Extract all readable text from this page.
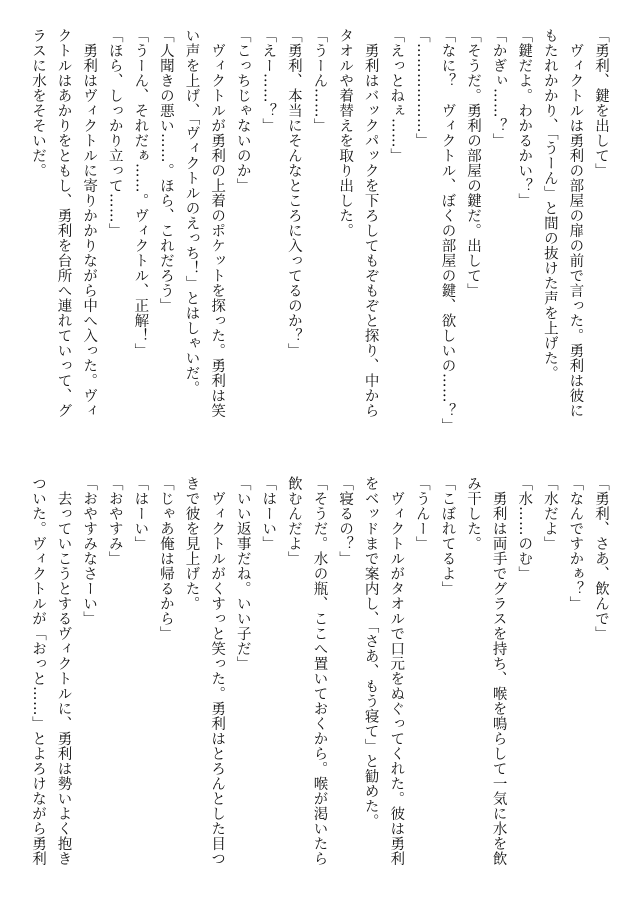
「勇利、鍵を出して」

　ヴィクトルは勇利の部屋の扉の前で言った。勇利は彼に

もたれかかり、「うーん」と間の抜けた声を上げた。

「鍵だよ。わかるかい？」

「かぎぃ……？」

「そうだ。勇利の部屋の鍵だ。出して」

「なに？　ヴィクトル、ぼくの部屋の鍵、欲しいの……？」

「………………」

「えっとねぇ……」

　勇利はバックパックを下ろしてもぞもぞと探り、中から

タオルや着替えを取り出した。

「うーん……」

「勇利、本当にそんなところに入ってるのか？」

「えー……？」

「こっちじゃないのか」

　ヴィクトルが勇利の上着のポケットを探った。勇利は笑

い声を上げ、「ヴィクトルのえっち！」とはしゃいだ。

「人聞きの悪い……。ほら、これだろう」

「うーん、それだぁ……。ヴィクトル、正解！」

「ほら、しっかり立って……」

　勇利はヴィクトルに寄りかかりながら中へ入った。ヴィ

クトルはあかりをともし、勇利を台所へ連れていって、グ

ラスに水をそそいだ。

「勇利、さあ、飲んで」

「なんですかぁ？」

「水だよ」

「水……のむ」

　勇利は両手でグラスを持ち、喉を鳴らして一気に水を飲

み干した。

「こぼれてるよ」

「うんー」

　ヴィクトルがタオルで口元をぬぐってくれた。彼は勇利

をベッドまで案内し、「さあ、もう寝て」と勧めた。

「寝るの？」

「そうだ。水の瓶、ここへ置いておくから。喉が渇いたら

飲むんだよ」

「はーい」

「いい返事だね。いい子だ」

　ヴィクトルがくすっと笑った。勇利はとろんとした目つ

きで彼を見上げた。

「じゃあ俺は帰るから」

「はーい」

「おやすみ」

「おやすみなさーい」

　去っていこうとするヴィクトルに、勇利は勢いよく抱き

ついた。ヴィクトルが「おっと……」とよろけながら勇利
